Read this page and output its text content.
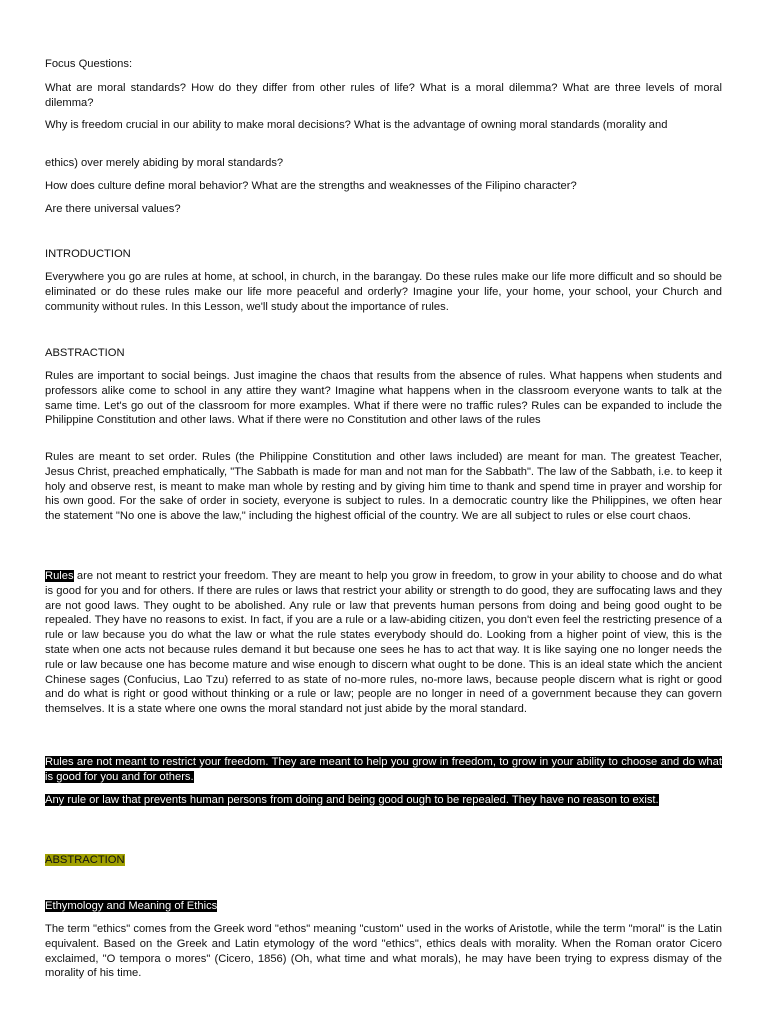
Focus Questions:

What are moral standards? How do they differ from other rules of life? What is a moral dilemma? What are three levels of moral dilemma?

Why is freedom crucial in our ability to make moral decisions? What is the advantage of owning moral standards (morality and

ethics) over merely abiding by moral standards?

How does culture define moral behavior? What are the strengths and weaknesses of the Filipino character?

Are there universal values?

INTRODUCTION

Everywhere you go are rules at home, at school, in church, in the barangay. Do these rules make our life more difficult and so should be eliminated or do these rules make our life more peaceful and orderly? Imagine your life, your home, your school, your Church and community without rules. In this Lesson, we'll study about the importance of rules.

ABSTRACTION

Rules are important to social beings. Just imagine the chaos that results from the absence of rules. What happens when students and professors alike come to school in any attire they want? Imagine what happens when in the classroom everyone wants to talk at the same time. Let's go out of the classroom for more examples. What if there were no traffic rules? Rules can be expanded to include the Philippine Constitution and other laws. What if there were no Constitution and other laws of the rules

Rules are meant to set order. Rules (the Philippine Constitution and other laws included) are meant for man. The greatest Teacher, Jesus Christ, preached emphatically, "The Sabbath is made for man and not man for the Sabbath". The law of the Sabbath, i.e. to keep it holy and observe rest, is meant to make man whole by resting and by giving him time to thank and spend time in prayer and worship for his own good. For the sake of order in society, everyone is subject to rules. In a democratic country like the Philippines, we often hear the statement "No one is above the law," including the highest official of the country. We are all subject to rules or else court chaos.

Rules are not meant to restrict your freedom. They are meant to help you grow in freedom, to grow in your ability to choose and do what is good for you and for others. If there are rules or laws that restrict your ability or strength to do good, they are suffocating laws and they are not good laws. They ought to be abolished. Any rule or law that prevents human persons from doing and being good ought to be repealed. They have no reasons to exist. In fact, if you are a rule or a law-abiding citizen, you don't even feel the restricting presence of a rule or law because you do what the law or what the rule states everybody should do. Looking from a higher point of view, this is the state when one acts not because rules demand it but because one sees he has to act that way. It is like saying one no longer needs the rule or law because one has become mature and wise enough to discern what ought to be done. This is an ideal state which the ancient Chinese sages (Confucius, Lao Tzu) referred to as state of no-more rules, no-more laws, because people discern what is right or good and do what is right or good without thinking or a rule or law; people are no longer in need of a government because they can govern themselves. It is a state where one owns the moral standard not just abide by the moral standard.

Rules are not meant to restrict your freedom. They are meant to help you grow in freedom, to grow in your ability to choose and do what is good for you and for others.

Any rule or law that prevents human persons from doing and being good ough to be repealed. They have no reason to exist.

ABSTRACTION

Ethymology and Meaning of Ethics

The term "ethics" comes from the Greek word "ethos" meaning "custom" used in the works of Aristotle, while the term "moral" is the Latin equivalent. Based on the Greek and Latin etymology of the word "ethics", ethics deals with morality. When the Roman orator Cicero exclaimed, "O tempora o mores" (Cicero, 1856) (Oh, what time and what morals), he may have been trying to express dismay of the morality of his time.
